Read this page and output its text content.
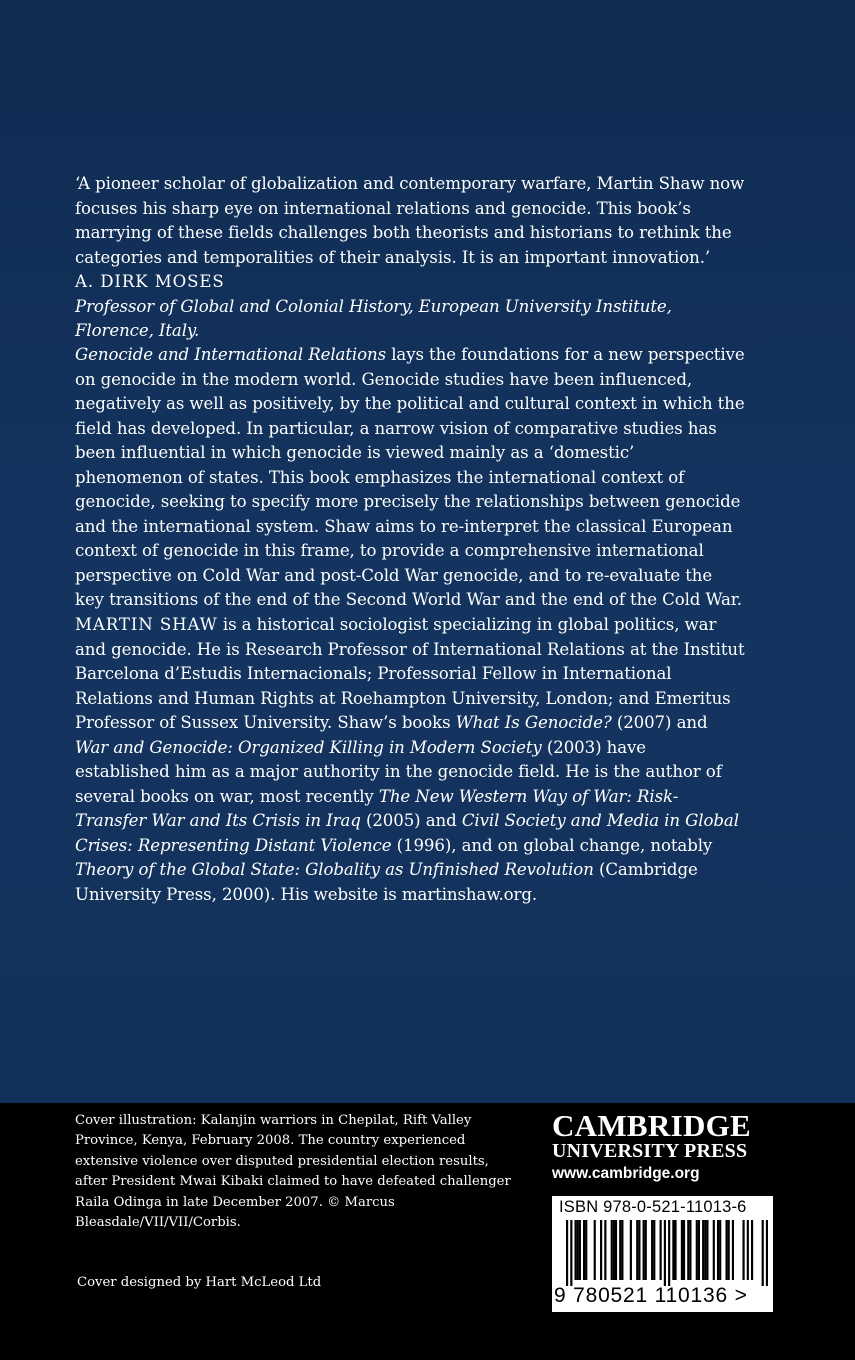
‘A pioneer scholar of globalization and contemporary warfare, Martin Shaw now focuses his sharp eye on international relations and genocide. This book’s marrying of these fields challenges both theorists and historians to rethink the categories and temporalities of their analysis. It is an important innovation.’
A. DIRK MOSES
Professor of Global and Colonial History, European University Institute, Florence, Italy.
Genocide and International Relations lays the foundations for a new perspective on genocide in the modern world. Genocide studies have been influenced, negatively as well as positively, by the political and cultural context in which the field has developed. In particular, a narrow vision of comparative studies has been influential in which genocide is viewed mainly as a ‘domestic’ phenomenon of states. This book emphasizes the international context of genocide, seeking to specify more precisely the relationships between genocide and the international system. Shaw aims to re-interpret the classical European context of genocide in this frame, to provide a comprehensive international perspective on Cold War and post-Cold War genocide, and to re-evaluate the key transitions of the end of the Second World War and the end of the Cold War.
MARTIN SHAW is a historical sociologist specializing in global politics, war and genocide. He is Research Professor of International Relations at the Institut Barcelona d’Estudis Internacionals; Professorial Fellow in International Relations and Human Rights at Roehampton University, London; and Emeritus Professor of Sussex University. Shaw’s books What Is Genocide? (2007) and War and Genocide: Organized Killing in Modern Society (2003) have established him as a major authority in the genocide field. He is the author of several books on war, most recently The New Western Way of War: Risk-Transfer War and Its Crisis in Iraq (2005) and Civil Society and Media in Global Crises: Representing Distant Violence (1996), and on global change, notably Theory of the Global State: Globality as Unfinished Revolution (Cambridge University Press, 2000). His website is martinshaw.org.
Cover illustration: Kalanjin warriors in Chepilat, Rift Valley Province, Kenya, February 2008. The country experienced extensive violence over disputed presidential election results, after President Mwai Kibaki claimed to have defeated challenger Raila Odinga in late December 2007. © Marcus Bleasdale/VII/VII/Corbis.
Cover designed by Hart McLeod Ltd
CAMBRIDGE
UNIVERSITY PRESS
www.cambridge.org
ISBN 978-0-521-11013-6
9 780521 110136 >
